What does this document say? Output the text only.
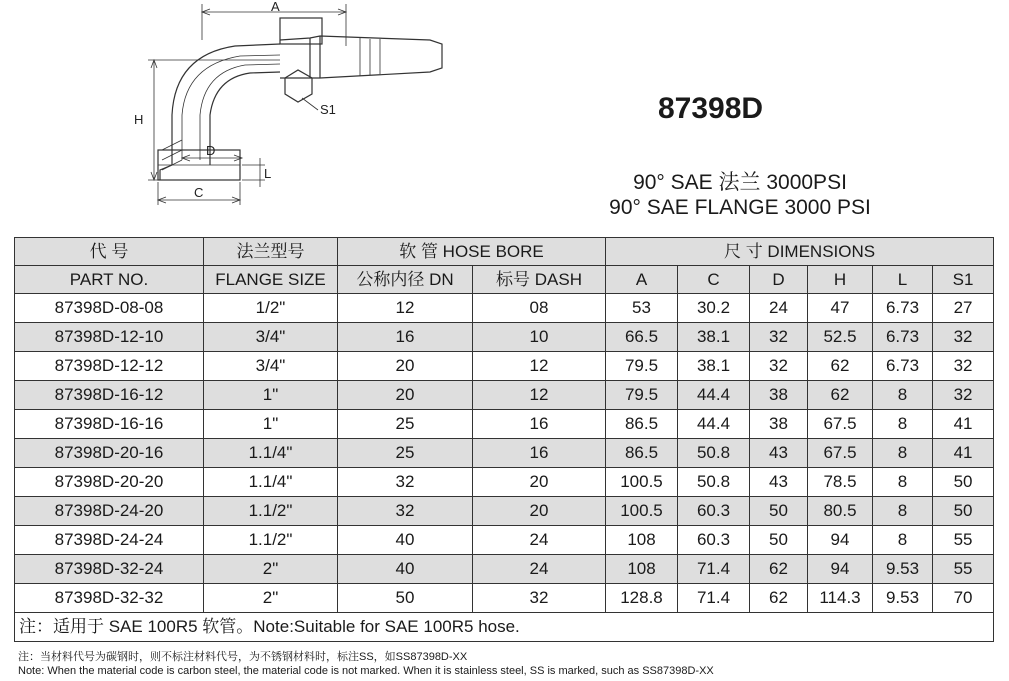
A
H
D
C
L
S1	87398D
90° SAE 法兰 3000PSI
90° SAE FLANGE 3000 PSI
代 号	法兰型号	软 管 HOSE BORE		尺 寸 DIMENSIONS					
PART NO.	FLANGE SIZE	公称内径 DN	标号 DASH	A	C	D	H	L	S1
87398D-08-08	1/2"	12	08	53	30.2	24	47	6.73	27
87398D-12-10	3/4"	16	10	66.5	38.1	32	52.5	6.73	32
87398D-12-12	3/4"	20	12	79.5	38.1	32	62	6.73	32
87398D-16-12	1"	20	12	79.5	44.4	38	62	8	32
87398D-16-16	1"	25	16	86.5	44.4	38	67.5	8	41
87398D-20-16	1.1/4"	25	16	86.5	50.8	43	67.5	8	41
87398D-20-20	1.1/4"	32	20	100.5	50.8	43	78.5	8	50
87398D-24-20	1.1/2"	32	20	100.5	60.3	50	80.5	8	50
87398D-24-24	1.1/2"	40	24	108	60.3	50	94	8	55
87398D-32-24	2"	40	24	108	71.4	62	94	9.53	55
87398D-32-32	2"	50	32	128.8	71.4	62	114.3	9.53	70
注：适用于 SAE 100R5 软管。Note:Suitable for SAE 100R5 hose.									
注：当材料代号为碳钢时，则不标注材料代号，为不锈钢材料时，标注SS，如SS87398D-XX
Note: When the material code is carbon steel, the material code is not marked. When it is stainless steel, SS is marked, such as SS87398D-XX
